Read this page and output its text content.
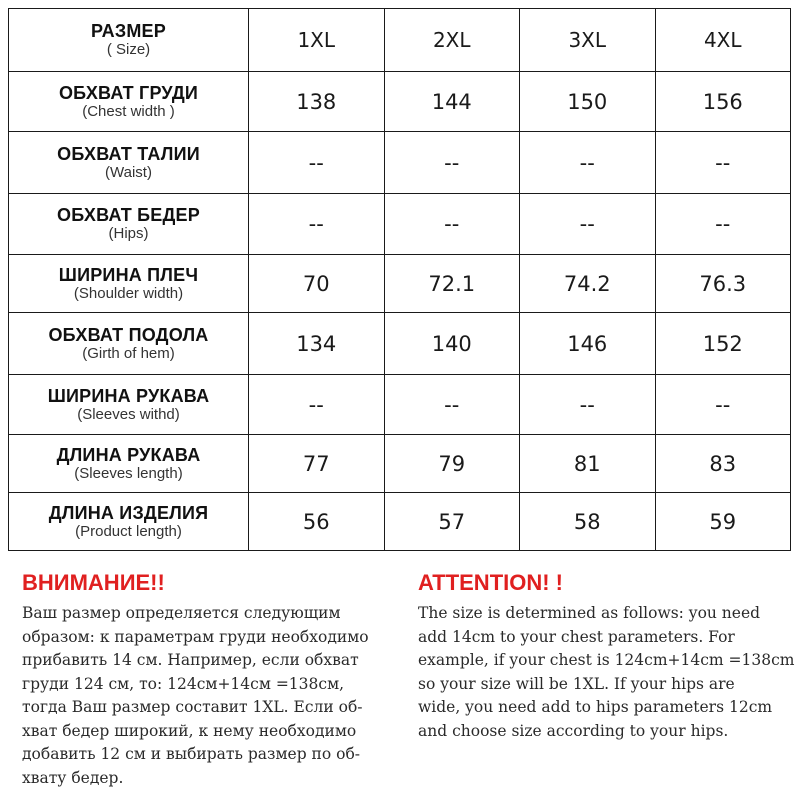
РАЗМЕР
( Size)	1XL	2XL	3XL	4XL

ОБХВАТ ГРУДИ
(Chest width )	138	144	150	156

ОБХВАТ ТАЛИИ
(Waist)	--	--	--	--

ОБХВАТ БЕДЕР
(Hips)	--	--	--	--

ШИРИНА ПЛЕЧ
(Shoulder width)	70	72.1	74.2	76.3

ОБХВАТ ПОДОЛА
(Girth of hem)	134	140	146	152

ШИРИНА РУКАВА
(Sleeves withd)	--	--	--	--

ДЛИНА РУКАВА
(Sleeves length)	77	79	81	83

ДЛИНА ИЗДЕЛИЯ
(Product length)	56	57	58	59

ВНИМАНИЕ!!

Ваш размер определяется следующим
образом: к параметрам груди необходимо
прибавить 14 см. Например, если обхват
груди 124 см, то: 124см+14см =138см,
тогда Ваш размер составит 1XL. Если об-
хват бедер широкий, к нему необходимо
добавить 12 см и выбирать размер по об-
хвату бедер.

ATTENTION! !

The size is determined as follows: you need
add 14cm to your chest parameters. For
example, if your chest is 124cm+14cm =138cm
so your size will be 1XL. If your hips are
wide, you need add to hips parameters 12cm
and choose size according to your hips.
